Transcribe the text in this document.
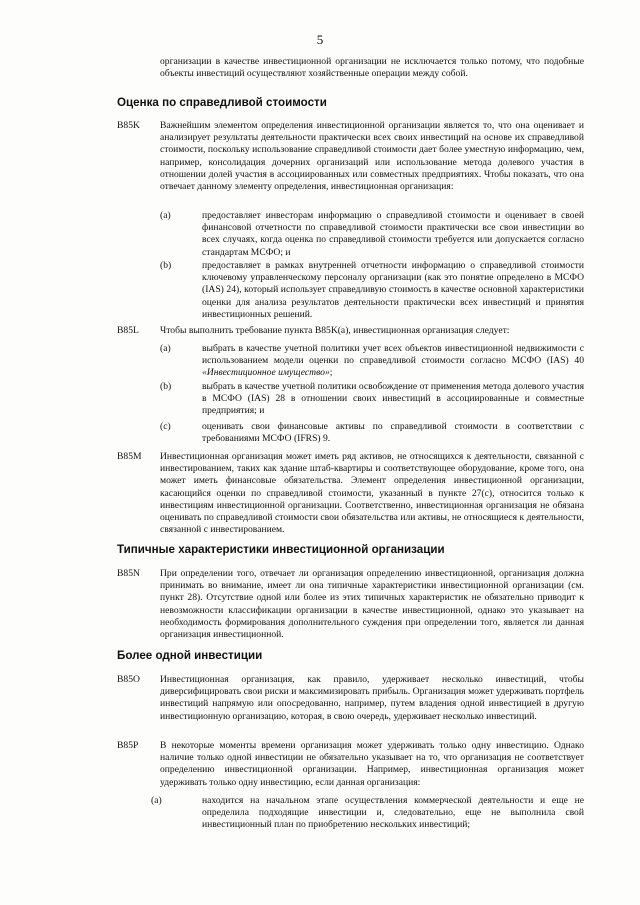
5
организации в качестве инвестиционной организации не исключается только потому, что подобные объекты инвестиций осуществляют хозяйственные операции между собой.
Оценка по справедливой стоимости
B85K Важнейшим элементом определения инвестиционной организации является то, что она оценивает и анализирует результаты деятельности практически всех своих инвестиций на основе их справедливой стоимости, поскольку использование справедливой стоимости дает более уместную информацию, чем, например, консолидация дочерних организаций или использование метода долевого участия в отношении долей участия в ассоциированных или совместных предприятиях. Чтобы показать, что она отвечает данному элементу определения, инвестиционная организация:
(a)	предоставляет инвесторам информацию о справедливой стоимости и оценивает в своей финансовой отчетности по справедливой стоимости практически все свои инвестиции во всех случаях, когда оценка по справедливой стоимости требуется или допускается согласно стандартам МСФО; и
(b)	предоставляет в рамках внутренней отчетности информацию о справедливой стоимости ключевому управленческому персоналу организации (как это понятие определено в МСФО (IAS) 24), который использует справедливую стоимость в качестве основной характеристики оценки для анализа результатов деятельности практически всех инвестиций и принятия инвестиционных решений.
B85L Чтобы выполнить требование пункта B85K(a), инвестиционная организация следует:
(a)	выбрать в качестве учетной политики учет всех объектов инвестиционной недвижимости с использованием модели оценки по справедливой стоимости согласно МСФО (IAS) 40 «Инвестиционное имущество»;
(b)	выбрать в качестве учетной политики освобождение от применения метода долевого участия в МСФО (IAS) 28 в отношении своих инвестиций в ассоциированные и совместные предприятия; и
(c)	оценивать свои финансовые активы по справедливой стоимости в соответствии с требованиями МСФО (IFRS) 9.
B85M Инвестиционная организация может иметь ряд активов, не относящихся к деятельности, связанной с инвестированием, таких как здание штаб-квартиры и соответствующее оборудование, кроме того, она может иметь финансовые обязательства. Элемент определения инвестиционной организации, касающийся оценки по справедливой стоимости, указанный в пункте 27(c), относится только к инвестициям инвестиционной организации. Соответственно, инвестиционная организация не обязана оценивать по справедливой стоимости свои обязательства или активы, не относящиеся к деятельности, связанной с инвестированием.
Типичные характеристики инвестиционной организации
B85N При определении того, отвечает ли организация определению инвестиционной, организация должна принимать во внимание, имеет ли она типичные характеристики инвестиционной организации (см. пункт 28). Отсутствие одной или более из этих типичных характеристик не обязательно приводит к невозможности классификации организации в качестве инвестиционной, однако это указывает на необходимость формирования дополнительного суждения при определении того, является ли данная организация инвестиционной.
Более одной инвестиции
B85O Инвестиционная организация, как правило, удерживает несколько инвестиций, чтобы диверсифицировать свои риски и максимизировать прибыль. Организация может удерживать портфель инвестиций напрямую или опосредованно, например, путем владения одной инвестицией в другую инвестиционную организацию, которая, в свою очередь, удерживает несколько инвестиций.
B85P В некоторые моменты времени организация может удерживать только одну инвестицию. Однако наличие только одной инвестиции не обязательно указывает на то, что организация не соответствует определению инвестиционной организации. Например, инвестиционная организация может удерживать только одну инвестицию, если данная организация:
(a)	находится на начальном этапе осуществления коммерческой деятельности и еще не определила подходящие инвестиции и, следовательно, еще не выполнила свой инвестиционный план по приобретению нескольких инвестиций;
